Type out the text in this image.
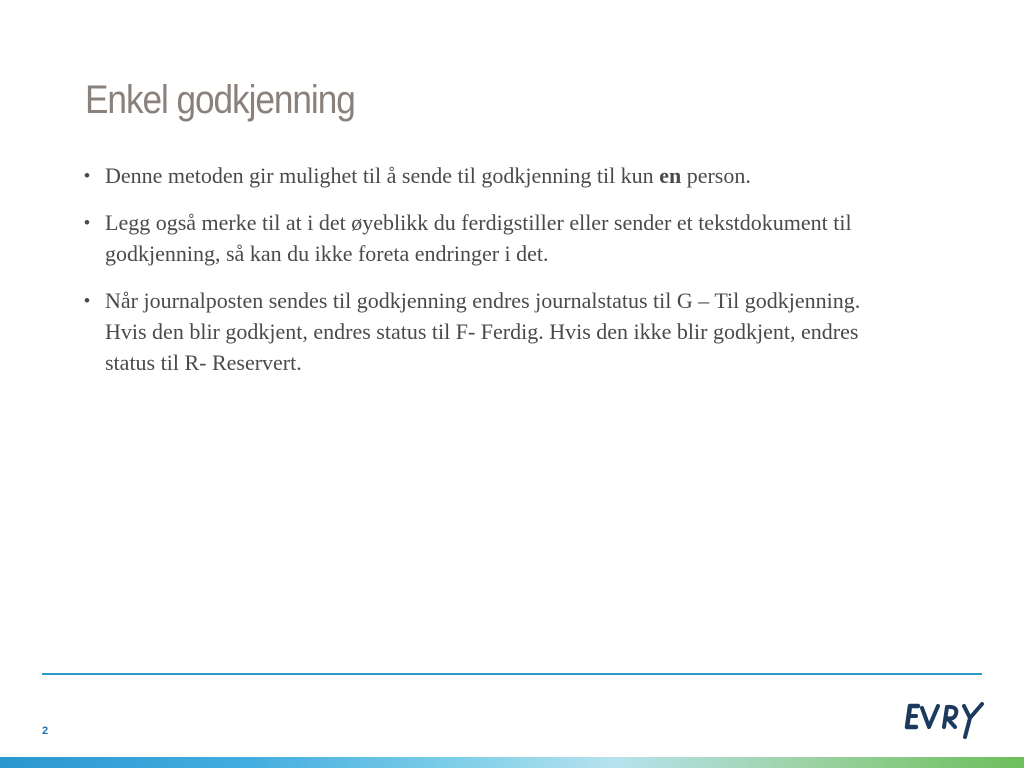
Enkel godkjenning
• Denne metoden gir mulighet til å sende til godkjenning til kun en person.
• Legg også merke til at i det øyeblikk du ferdigstiller eller sender et tekstdokument til godkjenning, så kan du ikke foreta endringer i det.
• Når journalposten sendes til godkjenning endres journalstatus til G – Til godkjenning. Hvis den blir godkjent, endres status til F- Ferdig. Hvis den ikke blir godkjent, endres status til R- Reservert.
2
